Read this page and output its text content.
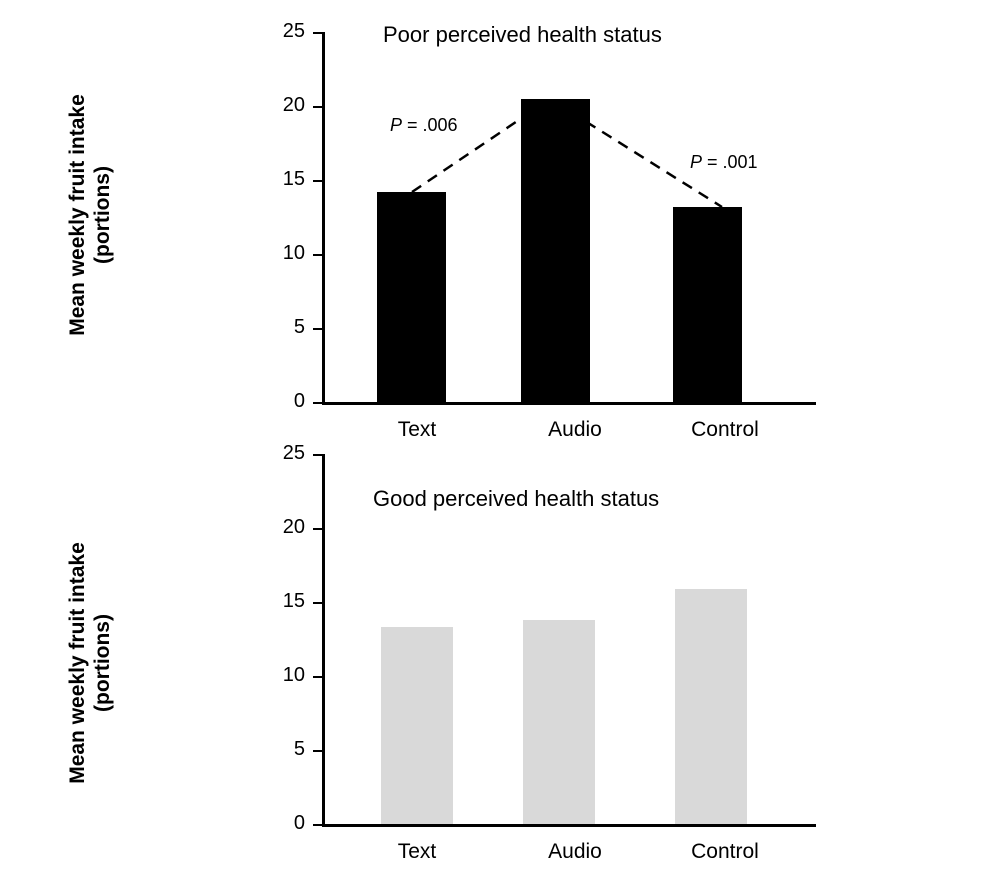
Mean weekly fruit intake (portions)
Poor perceived health status
25
20
15
10
5
0
P = .006
P = .001
Text	Audio	Control
Mean weekly fruit intake (portions)
Good perceived health status
25
20
15
10
5
0
Text	Audio	Control
